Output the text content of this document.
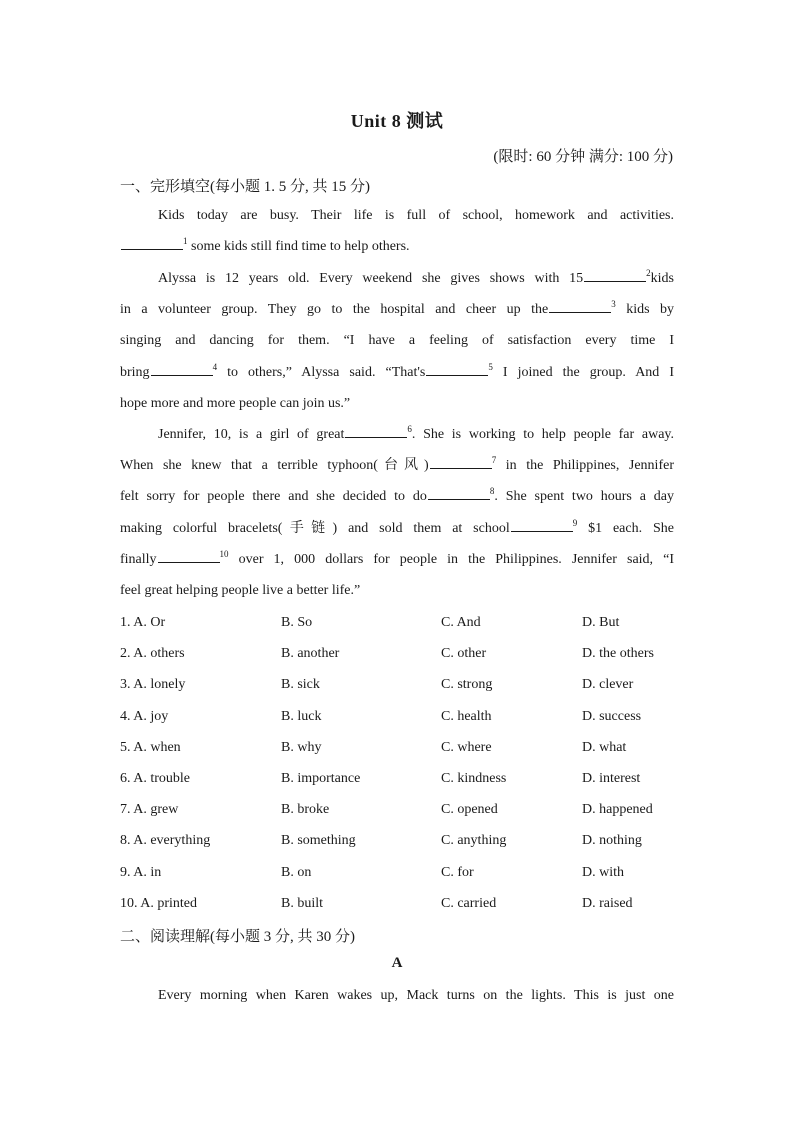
Unit 8 测试
(限时: 60 分钟 满分: 100 分)
一、完形填空(每小题 1. 5 分, 共 15 分)
Kids today are busy. Their life is full of school, homework and activities.
$^1$ some kids still find time to help others.
Alyssa is 12 years old. Every weekend she gives shows with 15	$^2$kids
in a volunteer group. They go to the hospital and cheer up the	$^3$ kids by
singing and dancing for them. “I have a feeling of satisfaction every time I
bring	$^4$ to others,” Alyssa said. “That's	$^5$ I joined the group. And I
hope more and more people can join us.”
Jennifer, 10, is a girl of great	$^6$. She is working to help people far away.
When she knew that a terrible typhoon(台风)	$^7$ in the Philippines, Jennifer
felt sorry for people there and she decided to do	$^8$. She spent two hours a day
making colorful bracelets(手链) and sold them at school	$^9$ $1 each. She
finally	$^{10}$ over 1, 000 dollars for people in the Philippines. Jennifer said, “I
feel great helping people live a better life.”
1. A. Or	B. So	C. And	D. But
2. A. others	B. another	C. other	D. the others
3. A. lonely	B. sick	C. strong	D. clever
4. A. joy	B. luck	C. health	D. success
5. A. when	B. why	C. where	D. what
6. A. trouble	B. importance	C. kindness	D. interest
7. A. grew	B. broke	C. opened	D. happened
8. A. everything	B. something	C. anything	D. nothing
9. A. in	B. on	C. for	D. with
10. A. printed	B. built	C. carried	D. raised
二、阅读理解(每小题 3 分, 共 30 分)
A
Every morning when Karen wakes up, Mack turns on the lights. This is just one
